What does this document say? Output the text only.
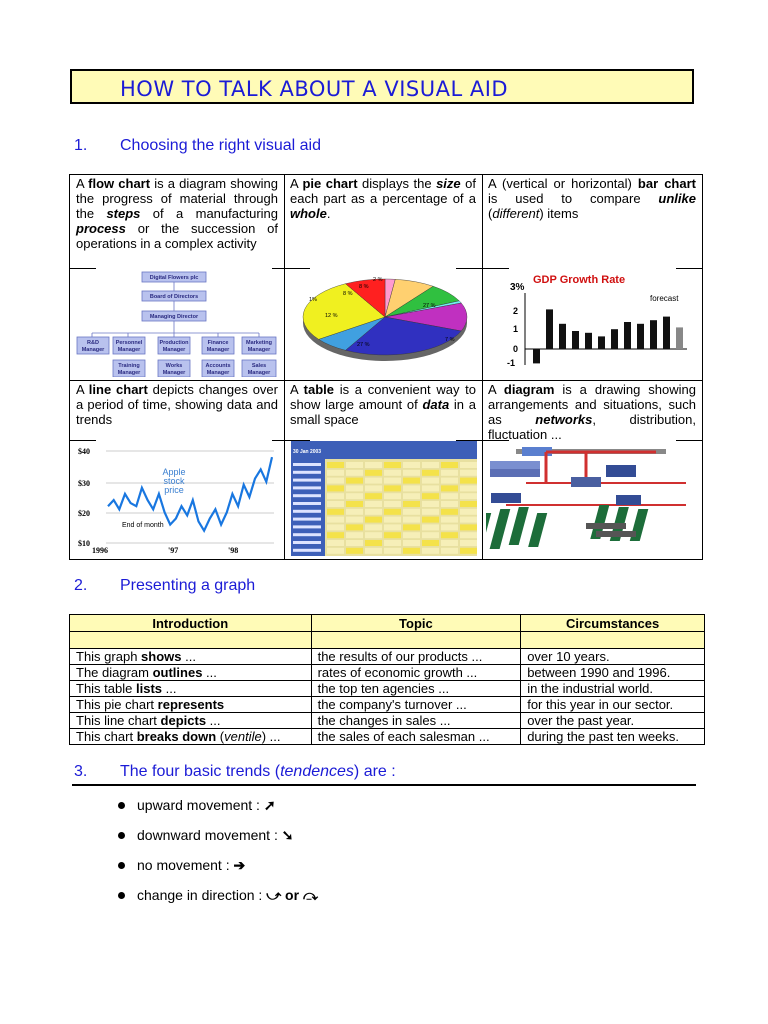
HOW TO TALK ABOUT A VISUAL AID
1. Choosing the right visual aid
A flow chart is a diagram showing the progress of material through the steps of a manufacturing process or the succession of operations in a complex activity
A pie chart displays the size of each part as a percentage of a whole.
A (vertical or horizontal) bar chart is used to compare unlike (different) items
A line chart depicts changes over a period of time, showing data and trends
A table is a convenient way to show large amount of data in a small space
A diagram is a drawing showing arrangements and situations, such as networks, distribution, fluctuation ...
Digital Flowers plc
Board of Directors
Managing Director
R&D
Manager
Personnel
Manager
Production
Manager
Finance
Manager
Marketing
Manager
Training
Manager
Works
Manager
Accounts
Manager
Sales
Manager
2 %
8 %
8 %
1%
12 %
27 %
27 %
7 %
GDP Growth Rate
3%
forecast
2
1
0
-1
$40
$30
$20
$10
Apple
stock
price
End of month
1996	'97	'98
30 Jan 2003
2. Presenting a graph
Introduction	Topic	Circumstances

This graph shows ...	the results of our products ...	over 10 years.
The diagram outlines ...	rates of economic growth ...	between 1990 and 1996.
This table lists ...	the top ten agencies ...	in the industrial world.
This pie chart represents	the company's turnover ...	for this year in our sector.
This line chart depicts ...	the changes in sales ...	over the past year.
This chart breaks down (ventile) ...	the sales of each salesman ...	during the past ten weeks.
3. The four basic trends (tendences) are :
upward movement : ➚
downward movement : ➘
no movement : ➔
change in direction : ⤻ or ⤼
